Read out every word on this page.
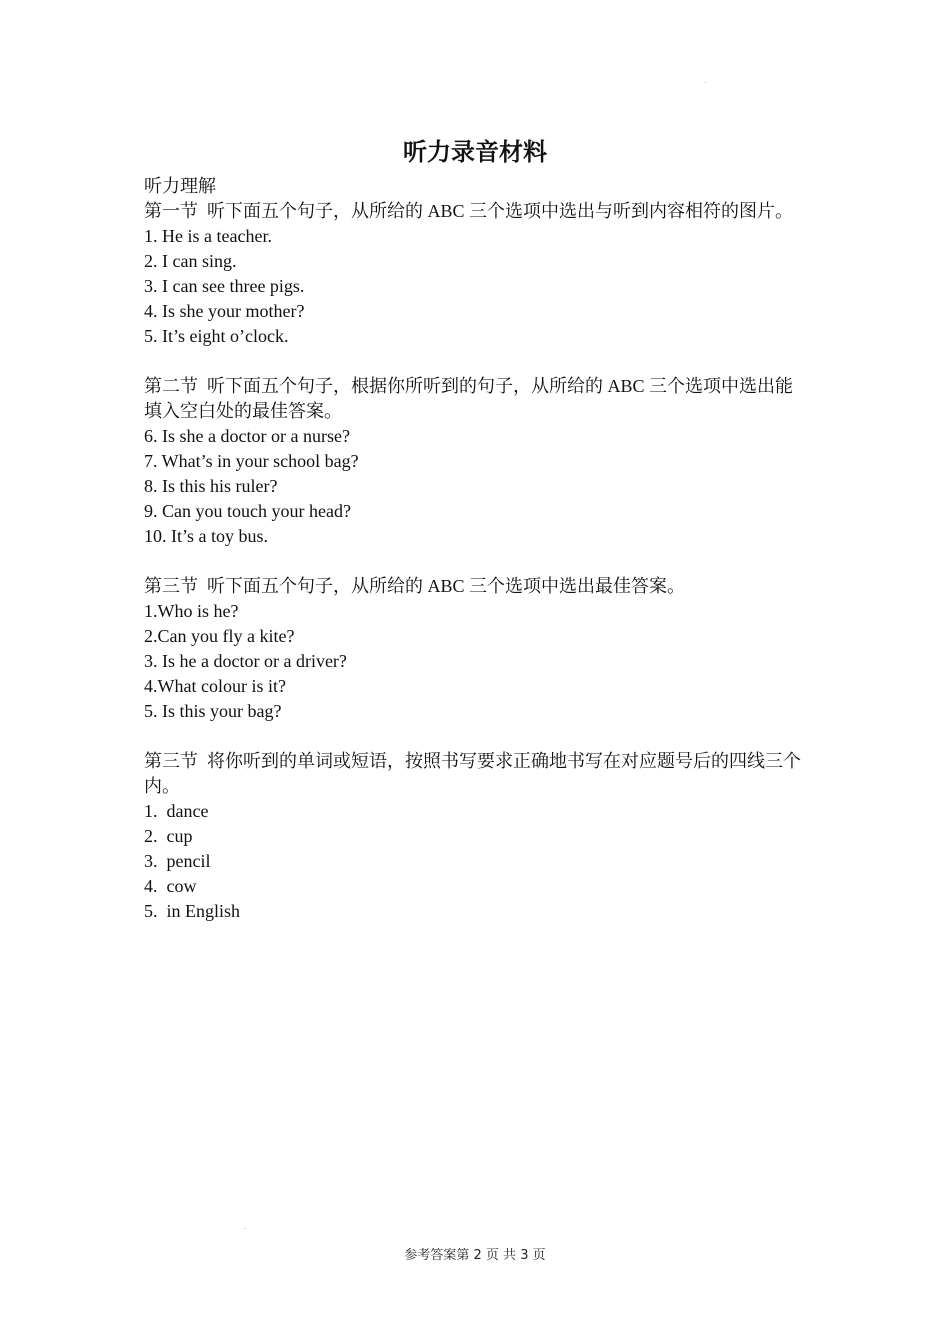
听力录音材料
听力理解
第一节  听下面五个句子，从所给的 ABC 三个选项中选出与听到内容相符的图片。
1. He is a teacher.
2. I can sing.
3. I can see three pigs.
4. Is she your mother?
5. It’s eight o’clock.
第二节  听下面五个句子，根据你所听到的句子，从所给的 ABC 三个选项中选出能填入空白处的最佳答案。
6. Is she a doctor or a nurse?
7. What’s in your school bag?
8. Is this his ruler?
9. Can you touch your head?
10. It’s a toy bus.
第三节  听下面五个句子，从所给的 ABC 三个选项中选出最佳答案。
1.Who is he?
2.Can you fly a kite?
3. Is he a doctor or a driver?
4.What colour is it?
5. Is this your bag?
第三节  将你听到的单词或短语，按照书写要求正确地书写在对应题号后的四线三个内。
1.  dance
2.  cup
3.  pencil
4.  cow
5.  in English
参考答案第 2 页 共 3 页
